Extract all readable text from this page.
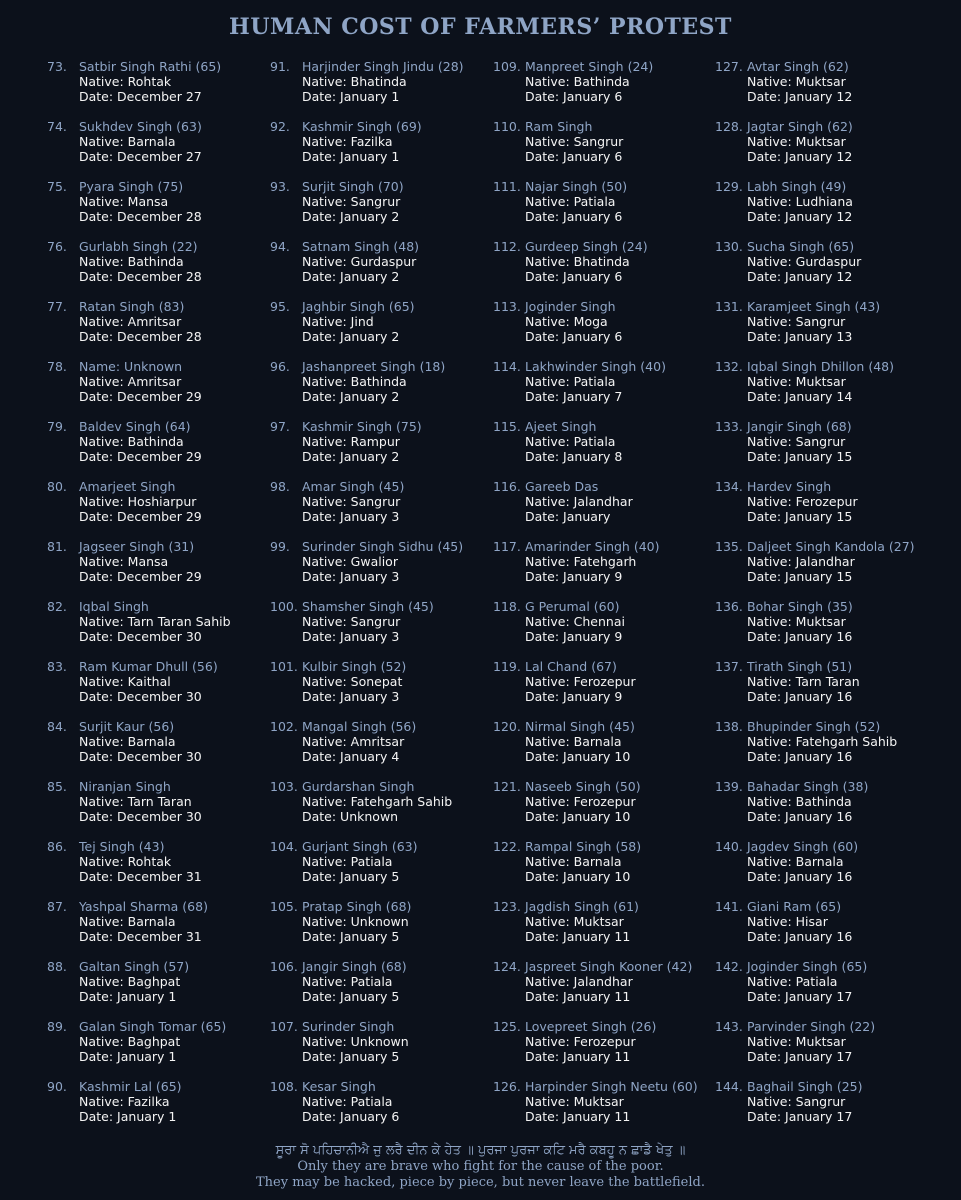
HUMAN COST OF FARMERS’ PROTEST
73. Satbir Singh Rathi (65)
Native: Rohtak
Date: December 27
74. Sukhdev Singh (63)
Native: Barnala
Date: December 27
75. Pyara Singh (75)
Native: Mansa
Date: December 28
76. Gurlabh Singh (22)
Native: Bathinda
Date: December 28
77. Ratan Singh (83)
Native: Amritsar
Date: December 28
78. Name: Unknown
Native: Amritsar
Date: December 29
79. Baldev Singh (64)
Native: Bathinda
Date: December 29
80. Amarjeet Singh
Native: Hoshiarpur
Date: December 29
81. Jagseer Singh (31)
Native: Mansa
Date: December 29
82. Iqbal Singh
Native: Tarn Taran Sahib
Date: December 30
83. Ram Kumar Dhull (56)
Native: Kaithal
Date: December 30
84. Surjit Kaur (56)
Native: Barnala
Date: December 30
85. Niranjan Singh
Native: Tarn Taran
Date: December 30
86. Tej Singh (43)
Native: Rohtak
Date: December 31
87. Yashpal Sharma (68)
Native: Barnala
Date: December 31
88. Galtan Singh (57)
Native: Baghpat
Date: January 1
89. Galan Singh Tomar (65)
Native: Baghpat
Date: January 1
90. Kashmir Lal (65)
Native: Fazilka
Date: January 1
91. Harjinder Singh Jindu (28)
Native: Bhatinda
Date: January 1
92. Kashmir Singh (69)
Native: Fazilka
Date: January 1
93. Surjit Singh (70)
Native: Sangrur
Date: January 2
94. Satnam Singh (48)
Native: Gurdaspur
Date: January 2
95. Jaghbir Singh (65)
Native: Jind
Date: January 2
96. Jashanpreet Singh (18)
Native: Bathinda
Date: January 2
97. Kashmir Singh (75)
Native: Rampur
Date: January 2
98. Amar Singh (45)
Native: Sangrur
Date: January 3
99. Surinder Singh Sidhu (45)
Native: Gwalior
Date: January 3
100. Shamsher Singh (45)
Native: Sangrur
Date: January 3
101. Kulbir Singh (52)
Native: Sonepat
Date: January 3
102. Mangal Singh (56)
Native: Amritsar
Date: January 4
103. Gurdarshan Singh
Native: Fatehgarh Sahib
Date: Unknown
104. Gurjant Singh (63)
Native: Patiala
Date: January 5
105. Pratap Singh (68)
Native: Unknown
Date: January 5
106. Jangir Singh (68)
Native: Patiala
Date: January 5
107. Surinder Singh
Native: Unknown
Date: January 5
108. Kesar Singh
Native: Patiala
Date: January 6
109. Manpreet Singh (24)
Native: Bathinda
Date: January 6
110. Ram Singh
Native: Sangrur
Date: January 6
111. Najar Singh (50)
Native: Patiala
Date: January 6
112. Gurdeep Singh (24)
Native: Bhatinda
Date: January 6
113. Joginder Singh
Native: Moga
Date: January 6
114. Lakhwinder Singh (40)
Native: Patiala
Date: January 7
115. Ajeet Singh
Native: Patiala
Date: January 8
116. Gareeb Das
Native: Jalandhar
Date: January
117. Amarinder Singh (40)
Native: Fatehgarh
Date: January 9
118. G Perumal (60)
Native: Chennai
Date: January 9
119. Lal Chand (67)
Native: Ferozepur
Date: January 9
120. Nirmal Singh (45)
Native: Barnala
Date: January 10
121. Naseeb Singh (50)
Native: Ferozepur
Date: January 10
122. Rampal Singh (58)
Native: Barnala
Date: January 10
123. Jagdish Singh (61)
Native: Muktsar
Date: January 11
124. Jaspreet Singh Kooner (42)
Native: Jalandhar
Date: January 11
125. Lovepreet Singh (26)
Native: Ferozepur
Date: January 11
126. Harpinder Singh Neetu (60)
Native: Muktsar
Date: January 11
127. Avtar Singh (62)
Native: Muktsar
Date: January 12
128. Jagtar Singh (62)
Native: Muktsar
Date: January 12
129. Labh Singh (49)
Native: Ludhiana
Date: January 12
130. Sucha Singh (65)
Native: Gurdaspur
Date: January 12
131. Karamjeet Singh (43)
Native: Sangrur
Date: January 13
132. Iqbal Singh Dhillon (48)
Native: Muktsar
Date: January 14
133. Jangir Singh (68)
Native: Sangrur
Date: January 15
134. Hardev Singh
Native: Ferozepur
Date: January 15
135. Daljeet Singh Kandola (27)
Native: Jalandhar
Date: January 15
136. Bohar Singh (35)
Native: Muktsar
Date: January 16
137. Tirath Singh (51)
Native: Tarn Taran
Date: January 16
138. Bhupinder Singh (52)
Native: Fatehgarh Sahib
Date: January 16
139. Bahadar Singh (38)
Native: Bathinda
Date: January 16
140. Jagdev Singh (60)
Native: Barnala
Date: January 16
141. Giani Ram (65)
Native: Hisar
Date: January 16
142. Joginder Singh (65)
Native: Patiala
Date: January 17
143. Parvinder Singh (22)
Native: Muktsar
Date: January 17
144. Baghail Singh (25)
Native: Sangrur
Date: January 17
ਸੂਰਾ ਸੋ ਪਹਿਚਾਨੀਐ ਜੁ ਲਰੈ ਦੀਨ ਕੇ ਹੇਤ ॥ ਪੁਰਜਾ ਪੁਰਜਾ ਕਟਿ ਮਰੈ ਕਬਹੂ ਨ ਛਾਡੈ ਖੇਤੁ ॥
Only they are brave who fight for the cause of the poor.
They may be hacked, piece by piece, but never leave the battlefield.
